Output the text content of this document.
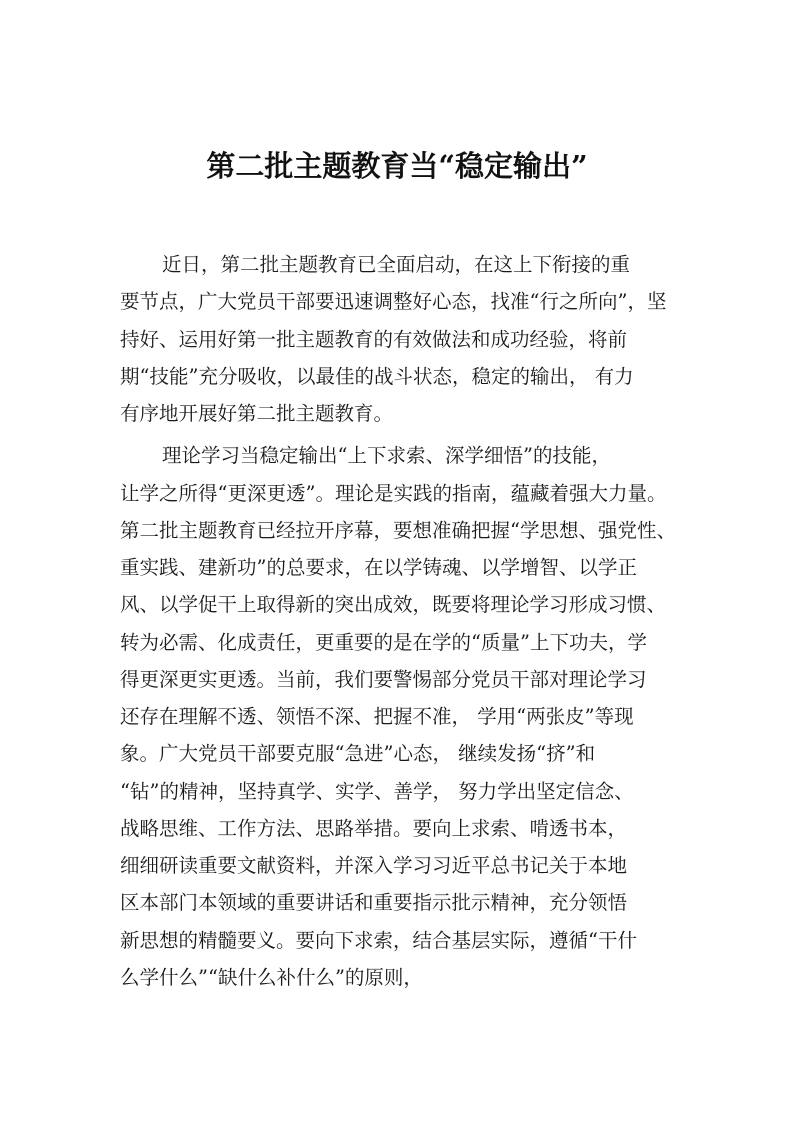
第二批主题教育当“稳定输出”
近日，第二批主题教育已全面启动，在这上下衔接的重
要节点，广大党员干部要迅速调整好心态，找准“行之所向”，坚
持好、运用好第一批主题教育的有效做法和成功经验，将前
期“技能”充分吸收，以最佳的战斗状态，稳定的输出， 有力
有序地开展好第二批主题教育。
理论学习当稳定输出“上下求索、深学细悟”的技能，
让学之所得“更深更透”。理论是实践的指南，蕴藏着强大力量。
第二批主题教育已经拉开序幕，要想准确把握“学思想、强党性、
重实践、建新功”的总要求，在以学铸魂、以学增智、以学正
风、以学促干上取得新的突出成效，既要将理论学习形成习惯、
转为必需、化成责任，更重要的是在学的“质量”上下功夫，学
得更深更实更透。当前，我们要警惕部分党员干部对理论学习
还存在理解不透、领悟不深、把握不准， 学用“两张皮”等现
象。广大党员干部要克服“急进”心态， 继续发扬“挤”和
“钻”的精神，坚持真学、实学、善学， 努力学出坚定信念、
战略思维、工作方法、思路举措。要向上求索、啃透书本，
细细研读重要文献资料，并深入学习习近平总书记关于本地
区本部门本领域的重要讲话和重要指示批示精神，充分领悟
新思想的精髓要义。要向下求索，结合基层实际，遵循“干什
么学什么”“缺什么补什么”的原则，
